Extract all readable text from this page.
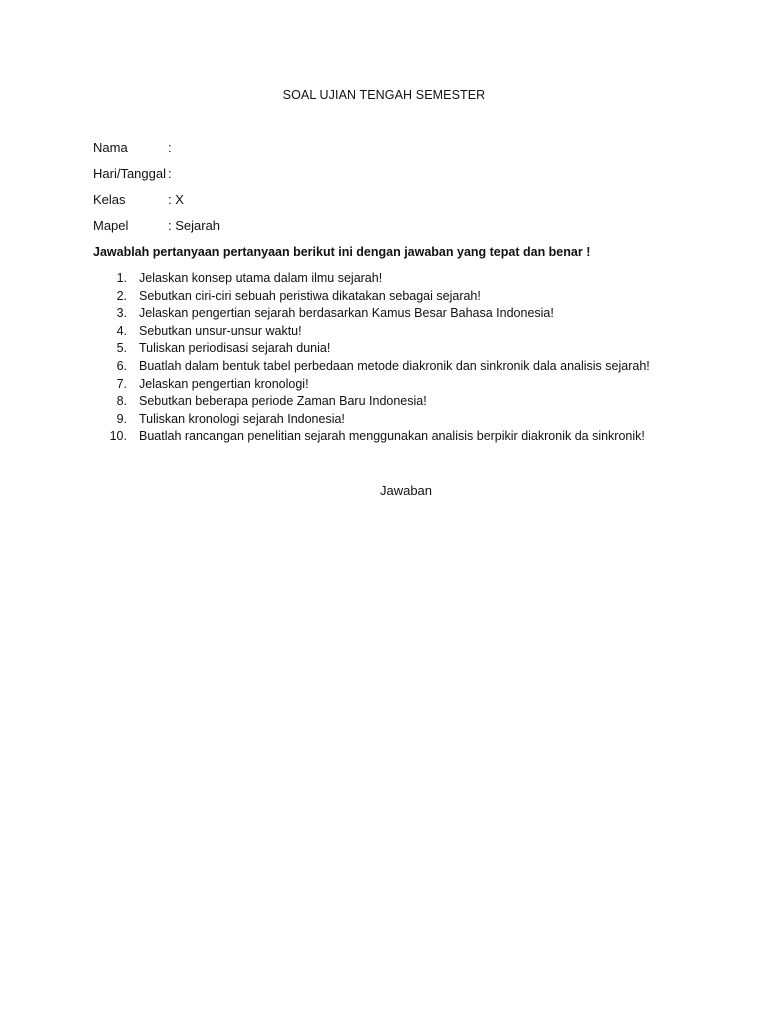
SOAL UJIAN TENGAH SEMESTER
Nama	:
Hari/Tanggal :
Kelas	: X
Mapel	: Sejarah
Jawablah pertanyaan pertanyaan berikut ini dengan jawaban yang tepat dan benar !
1. Jelaskan konsep utama dalam ilmu sejarah!
2. Sebutkan ciri-ciri sebuah peristiwa dikatakan sebagai sejarah!
3. Jelaskan pengertian sejarah berdasarkan Kamus Besar Bahasa Indonesia!
4. Sebutkan unsur-unsur waktu!
5. Tuliskan periodisasi sejarah dunia!
6. Buatlah dalam bentuk tabel perbedaan metode diakronik dan sinkronik dala analisis sejarah!
7. Jelaskan pengertian kronologi!
8. Sebutkan beberapa periode Zaman Baru Indonesia!
9. Tuliskan kronologi sejarah Indonesia!
10. Buatlah rancangan penelitian sejarah menggunakan analisis berpikir diakronik da sinkronik!
Jawaban
